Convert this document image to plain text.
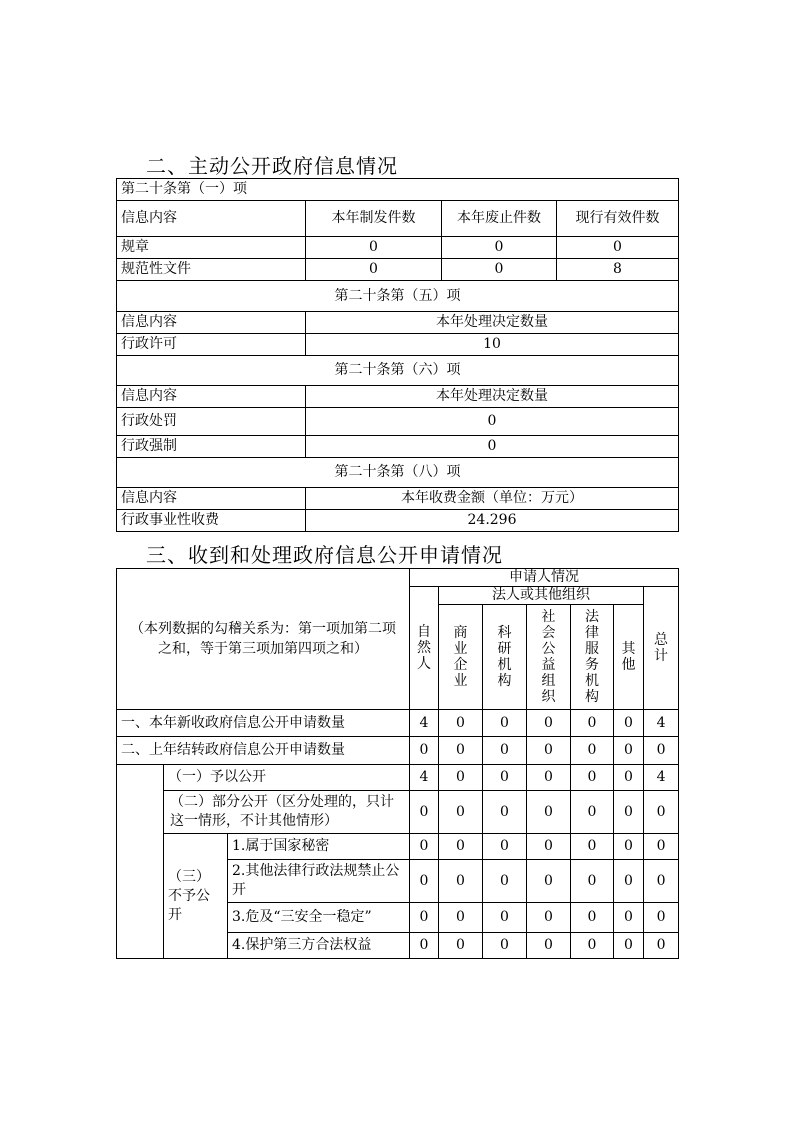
二、主动公开政府信息情况
第二十条第（一）项			
信息内容	本年制发件数	本年废止件数	现行有效件数
规章	0	0	0
规范性文件	0	0	8
第二十条第（五）项			
信息内容	本年处理决定数量		
行政许可	10		
第二十条第（六）项			
信息内容	本年处理决定数量		
行政处罚	0		
行政强制	0		
第二十条第（八）项			
信息内容	本年收费金额（单位：万元）		
行政事业性收费	24.296		
三、收到和处理政府信息公开申请情况
（本列数据的勾稽关系为：第一项加第二项之和，等于第三项加第四项之和）			申请人情况						
			自然人	法人或其他组织					总计
				商业企业	科研机构	社会公益组织	法律服务机构	其他	
一、本年新收政府信息公开申请数量			4	0	0	0	0	0	4
二、上年结转政府信息公开申请数量			0	0	0	0	0	0	0
	（一）予以公开		4	0	0	0	0	0	4
	（二）部分公开（区分处理的，只计这一情形，不计其他情形）		0	0	0	0	0	0	0
	（三）不予公开	1.属于国家秘密	0	0	0	0	0	0	0
		2.其他法律行政法规禁止公开	0	0	0	0	0	0	0
		3.危及“三安全一稳定”	0	0	0	0	0	0	0
		4.保护第三方合法权益	0	0	0	0	0	0	0
